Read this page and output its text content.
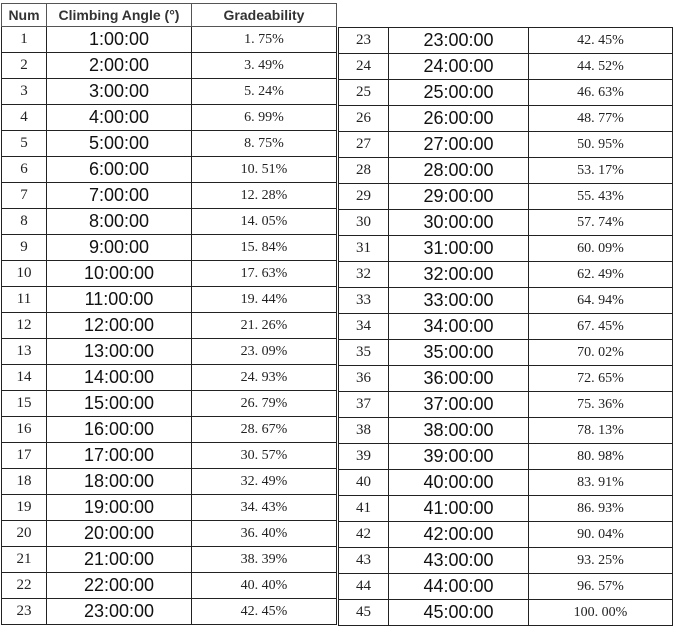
Num	Climbing Angle (°)	Gradeability
1	1:00:00	1. 75%
2	2:00:00	3. 49%
3	3:00:00	5. 24%
4	4:00:00	6. 99%
5	5:00:00	8. 75%
6	6:00:00	10. 51%
7	7:00:00	12. 28%
8	8:00:00	14. 05%
9	9:00:00	15. 84%
10	10:00:00	17. 63%
11	11:00:00	19. 44%
12	12:00:00	21. 26%
13	13:00:00	23. 09%
14	14:00:00	24. 93%
15	15:00:00	26. 79%
16	16:00:00	28. 67%
17	17:00:00	30. 57%
18	18:00:00	32. 49%
19	19:00:00	34. 43%
20	20:00:00	36. 40%
21	21:00:00	38. 39%
22	22:00:00	40. 40%
23	23:00:00	42. 45%
23	23:00:00	42. 45%
24	24:00:00	44. 52%
25	25:00:00	46. 63%
26	26:00:00	48. 77%
27	27:00:00	50. 95%
28	28:00:00	53. 17%
29	29:00:00	55. 43%
30	30:00:00	57. 74%
31	31:00:00	60. 09%
32	32:00:00	62. 49%
33	33:00:00	64. 94%
34	34:00:00	67. 45%
35	35:00:00	70. 02%
36	36:00:00	72. 65%
37	37:00:00	75. 36%
38	38:00:00	78. 13%
39	39:00:00	80. 98%
40	40:00:00	83. 91%
41	41:00:00	86. 93%
42	42:00:00	90. 04%
43	43:00:00	93. 25%
44	44:00:00	96. 57%
45	45:00:00	100. 00%
